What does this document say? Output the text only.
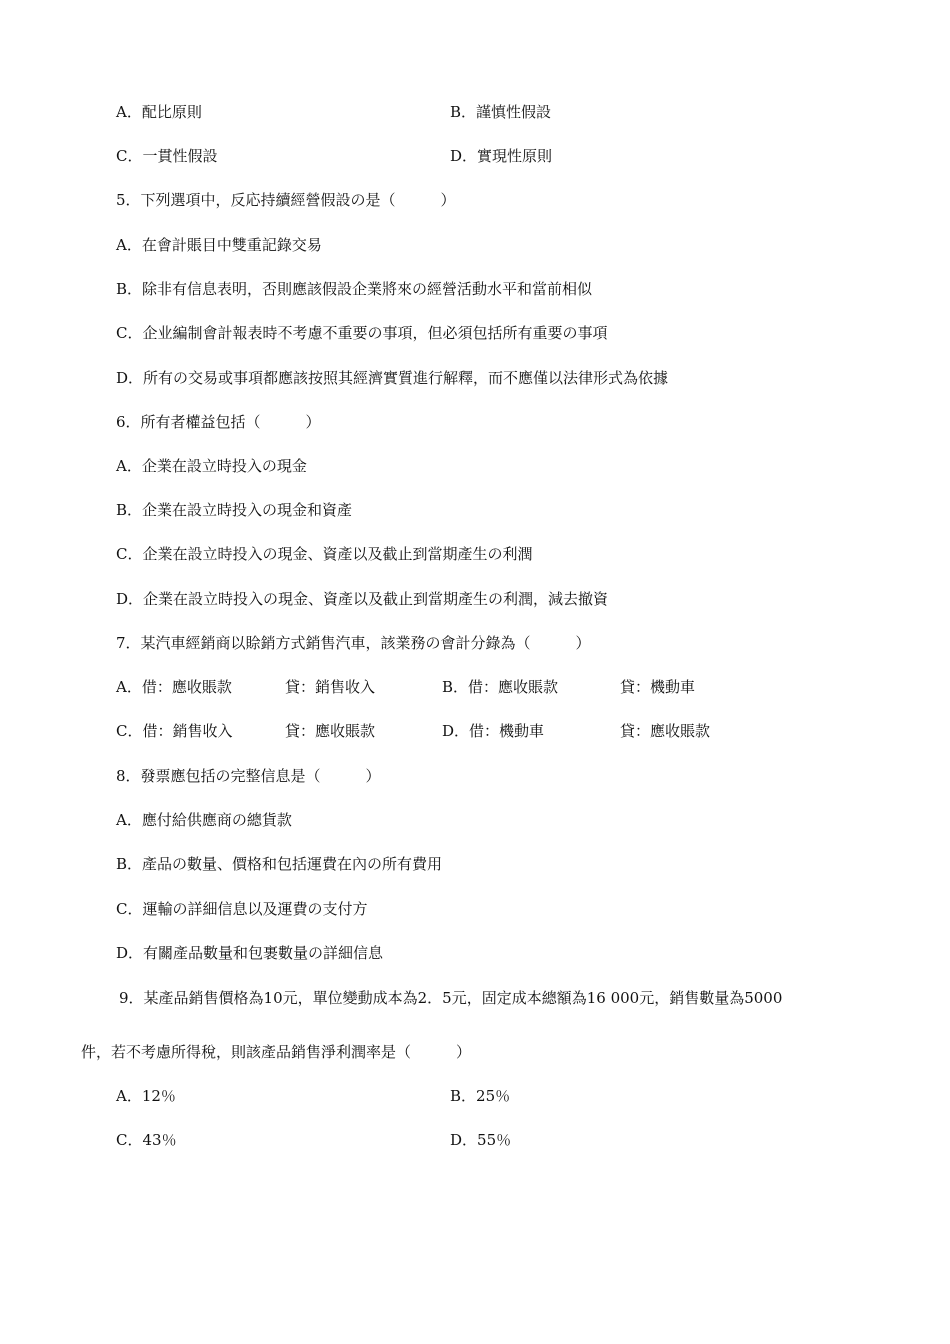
A．配比原則	B．謹慎性假設
C．一貫性假設	D．實現性原則
5．下列選項中，反応持續經營假設の是（　　　）
A．在會計賬目中雙重記錄交易
B．除非有信息表明，否則應該假設企業將來の經營活動水平和當前相似
C．企业編制會計報表時不考慮不重要の事項，但必須包括所有重要の事項
D．所有の交易或事項都應該按照其經濟實質進行解釋，而不應僅以法律形式為依據
6．所有者權益包括（　　　）
A．企業在設立時投入の現金
B．企業在設立時投入の現金和資產
C．企業在設立時投入の現金、資產以及截止到當期產生の利潤
D．企業在設立時投入の現金、資產以及截止到當期產生の利潤，減去撤資
7．某汽車經銷商以賒銷方式銷售汽車，該業務の會計分錄為（　　　）
A．借：應收賬款	貸：銷售收入	B．借：應收賬款	貸：機動車
C．借：銷售收入	貸：應收賬款	D．借：機動車	貸：應收賬款
8．發票應包括の完整信息是（　　　）
A．應付給供應商の總貨款
B．產品の數量、價格和包括運費在內の所有費用
C．運輸の詳細信息以及運費の支付方
D．有關產品數量和包裹數量の詳細信息
9．某產品銷售價格為10元，單位變動成本為2．5元，固定成本總額為16 000元，銷售數量為5000
件，若不考慮所得稅，則該產品銷售淨利潤率是（　　　）
A．12％	B．25％
C．43％	D．55％
